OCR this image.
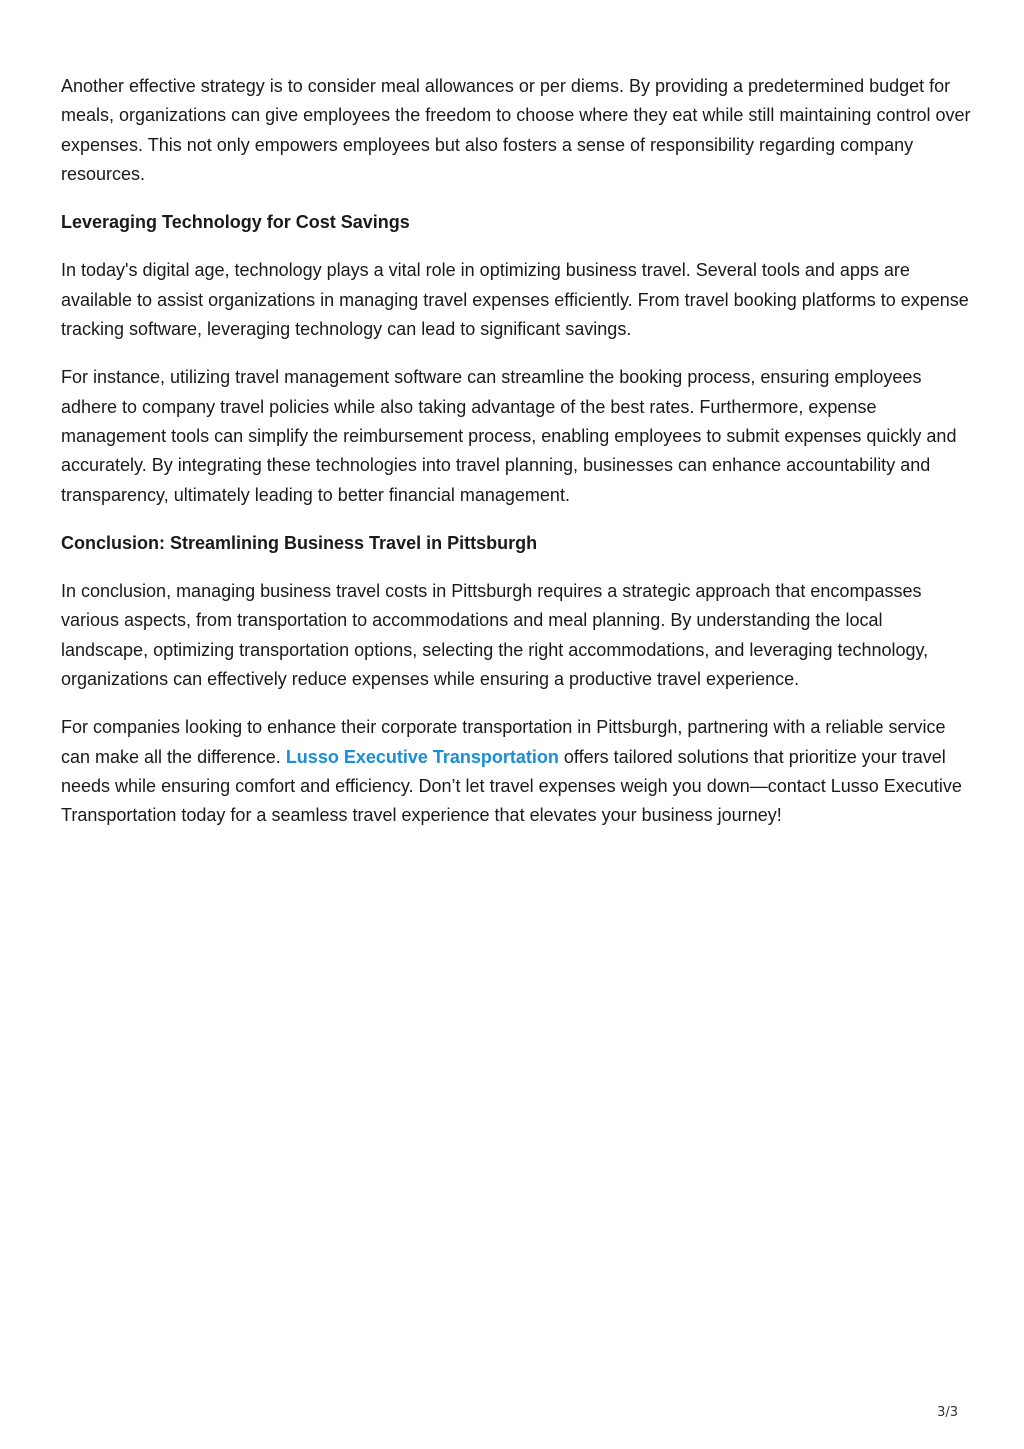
Another effective strategy is to consider meal allowances or per diems. By providing a predetermined budget for meals, organizations can give employees the freedom to choose where they eat while still maintaining control over expenses. This not only empowers employees but also fosters a sense of responsibility regarding company resources.

Leveraging Technology for Cost Savings

In today's digital age, technology plays a vital role in optimizing business travel. Several tools and apps are available to assist organizations in managing travel expenses efficiently. From travel booking platforms to expense tracking software, leveraging technology can lead to significant savings.

For instance, utilizing travel management software can streamline the booking process, ensuring employees adhere to company travel policies while also taking advantage of the best rates. Furthermore, expense management tools can simplify the reimbursement process, enabling employees to submit expenses quickly and accurately. By integrating these technologies into travel planning, businesses can enhance accountability and transparency, ultimately leading to better financial management.

Conclusion: Streamlining Business Travel in Pittsburgh

In conclusion, managing business travel costs in Pittsburgh requires a strategic approach that encompasses various aspects, from transportation to accommodations and meal planning. By understanding the local landscape, optimizing transportation options, selecting the right accommodations, and leveraging technology, organizations can effectively reduce expenses while ensuring a productive travel experience.

For companies looking to enhance their corporate transportation in Pittsburgh, partnering with a reliable service can make all the difference. Lusso Executive Transportation offers tailored solutions that prioritize your travel needs while ensuring comfort and efficiency. Don’t let travel expenses weigh you down—contact Lusso Executive Transportation today for a seamless travel experience that elevates your business journey!

3/3
